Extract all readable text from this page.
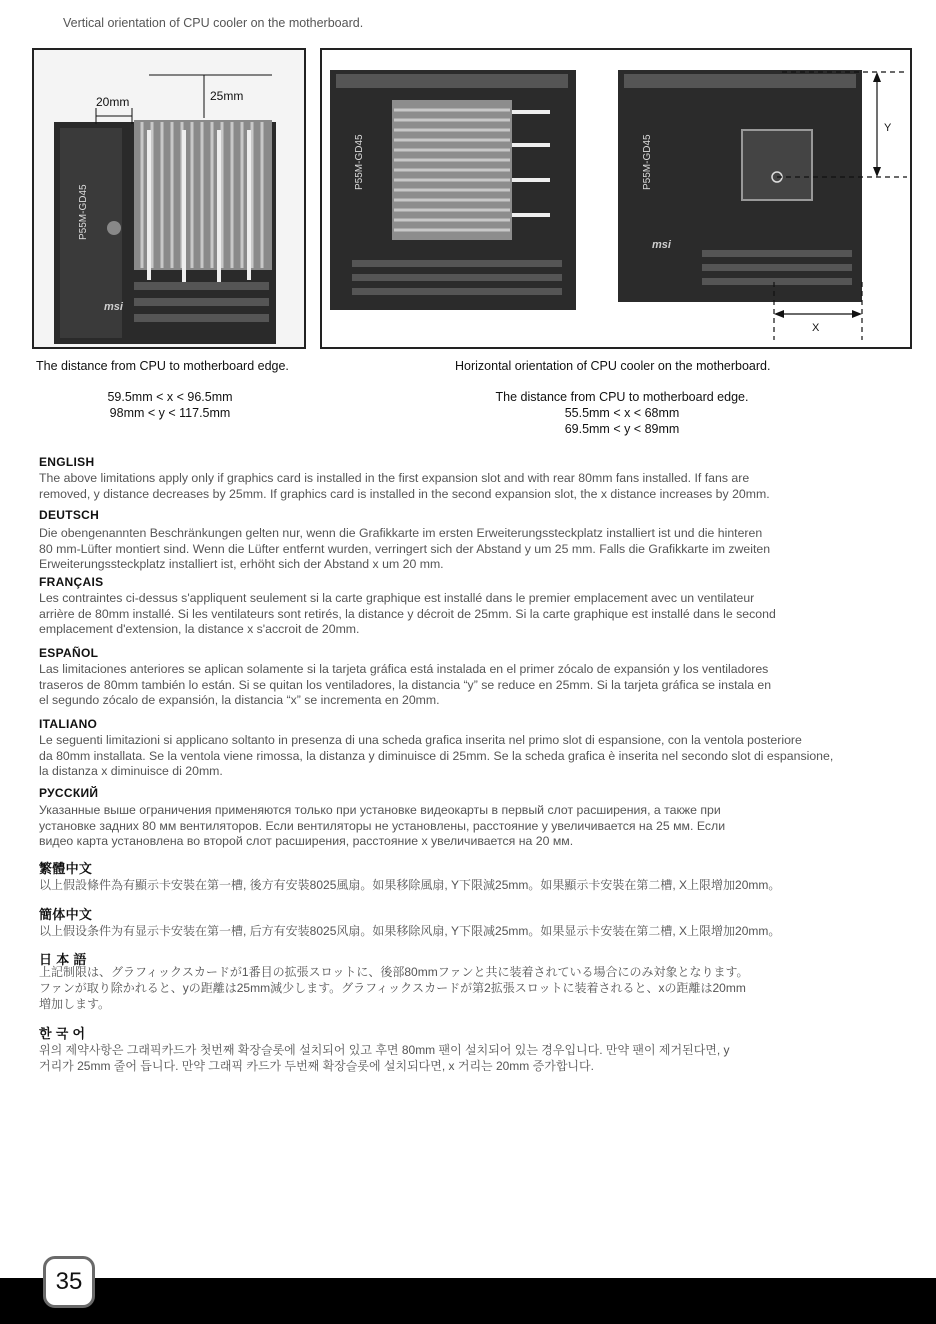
Vertical orientation of CPU cooler on the motherboard.
P55M-GD45
msi
20mm	25mm
P55M-GD45	P55M-GD45
msi
Y
X
The distance from CPU to motherboard edge.	Horizontal orientation of CPU cooler on the motherboard.
59.5mm < x < 96.5mm
98mm < y < 117.5mm
The distance from CPU to motherboard edge.
55.5mm < x < 68mm
69.5mm < y < 89mm
ENGLISH
The above limitations apply only if graphics card is installed in the first expansion slot and with rear 80mm fans installed. If fans are
removed, y distance decreases by 25mm. If graphics card is installed in the second expansion slot, the x distance increases by 20mm.
DEUTSCH
Die obengenannten Beschränkungen gelten nur, wenn die Grafikkarte im ersten Erweiterungssteckplatz installiert ist und die hinteren
80 mm-Lüfter montiert sind. Wenn die Lüfter entfernt wurden, verringert sich der Abstand y um 25 mm. Falls die Grafikkarte im zweiten
Erweiterungssteckplatz installiert ist, erhöht sich der Abstand x um 20 mm.
FRANÇAIS
Les contraintes ci-dessus s'appliquent seulement si la carte graphique est installé dans le premier emplacement avec un ventilateur
arrière de 80mm installé. Si les ventilateurs sont retirés, la distance y décroit de 25mm. Si la carte graphique est installé dans le second
emplacement d'extension, la distance x s'accroit de 20mm.
ESPAÑOL
Las limitaciones anteriores se aplican solamente si la tarjeta gráfica está instalada en el primer zócalo de expansión y los ventiladores
traseros de 80mm también lo están. Si se quitan los ventiladores, la distancia “y” se reduce en 25mm. Si la tarjeta gráfica se instala en
el segundo zócalo de expansión, la distancia “x” se incrementa en 20mm.
ITALIANO
Le seguenti limitazioni si applicano soltanto in presenza di una scheda grafica inserita nel primo slot di espansione, con la ventola posteriore
da 80mm installata. Se la ventola viene rimossa, la distanza y diminuisce di 25mm. Se la scheda grafica è inserita nel secondo slot di espansione,
la distanza x diminuisce di 20mm.
РУССКИЙ
Указанные выше ограничения применяются только при установке видеокарты в первый слот расширения, а также при
установке задних 80 мм вентиляторов. Если вентиляторы не установлены, расстояние у увеличивается на 25 мм. Если
видео карта установлена во второй слот расширения, расстояние х увеличивается на 20 мм.
繁體中文
以上假設條件為有顯示卡安裝在第一槽, 後方有安裝8025風扇。如果移除風扇, Y下限減25mm。如果顯示卡安裝在第二槽, X上限增加20mm。
簡体中文
以上假设条件为有显示卡安装在第一槽, 后方有安装8025风扇。如果移除风扇, Y下限减25mm。如果显示卡安装在第二槽, X上限增加20mm。
日 本 語
上記制限は、グラフィックスカードが1番目の拡張スロットに、後部80mmファンと共に装着されている場合にのみ対象となります。
ファンが取り除かれると、yの距離は25mm減少します。グラフィックスカードが第2拡張スロットに装着されると、xの距離は20mm
増加します。
한 국 어
위의 제약사항은 그래픽카드가 첫번째 확장슬롯에 설치되어 있고 후면 80mm 팬이 설치되어 있는 경우입니다. 만약 팬이 제거된다면, y
거리가 25mm 줄어 듭니다. 만약 그래픽 카드가 두번째 확장슬롯에 설치되다면, x 거리는 20mm 증가합니다.
35
